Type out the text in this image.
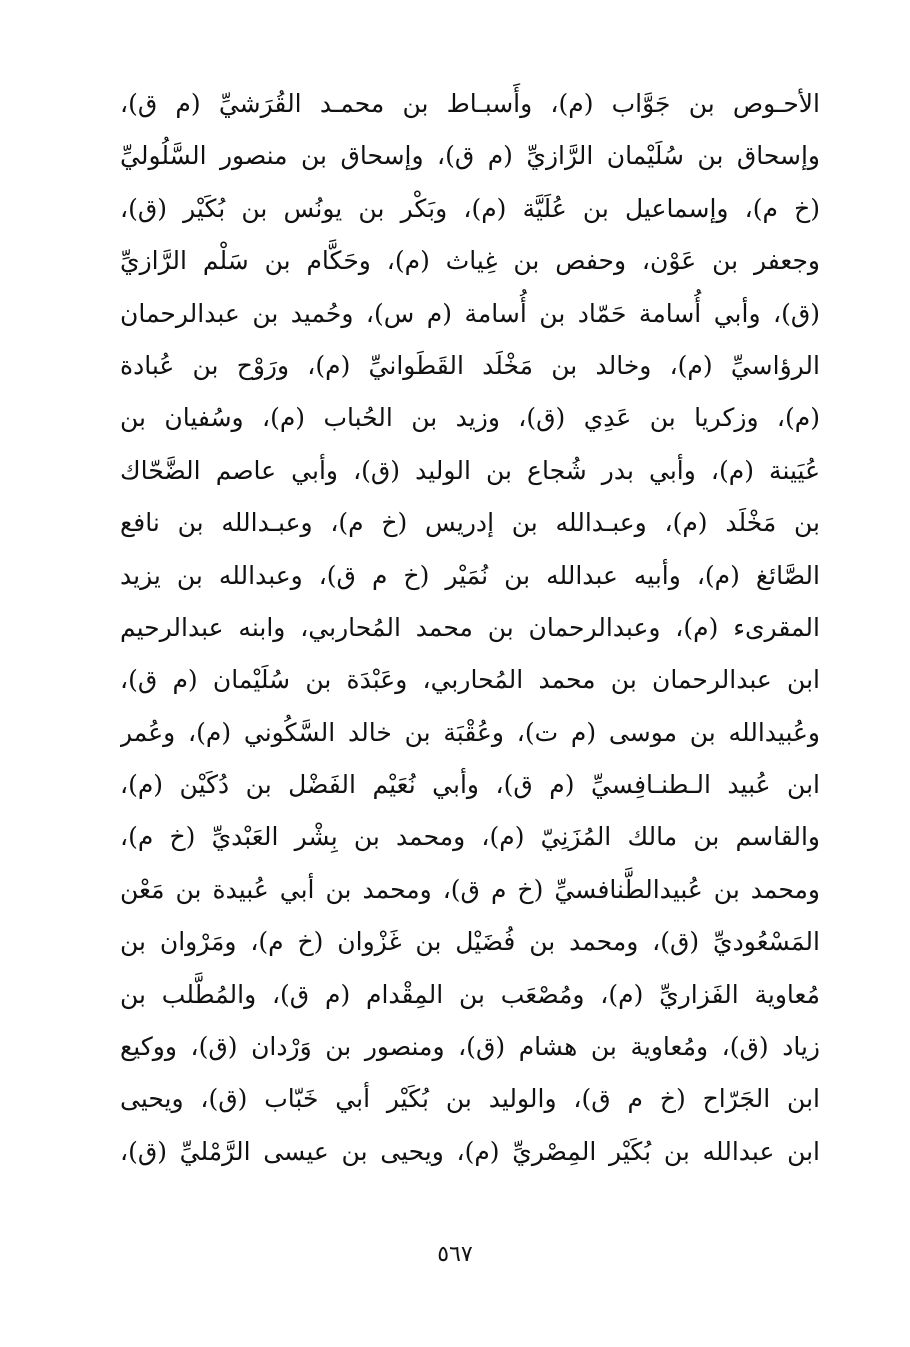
الأحـوص بن جَوَّاب (م)، وأَسبـاط بن محمـد القُرَشيِّ (م ق)،
وإسحاق بن سُلَيْمان الرَّازيِّ (م ق)، وإسحاق بن منصور السَّلُوليِّ
(خ م)، وإسماعيل بن عُلَيَّة (م)، وبَكْر بن يونُس بن بُكَيْر (ق)،
وجعفر بن عَوْن، وحفص بن غِياث (م)، وحَكَّام بن سَلْم الرَّازيِّ
(ق)، وأبي أُسامة حَمّاد بن أُسامة (م س)، وحُميد بن عبدالرحمان
الرؤاسيِّ (م)، وخالد بن مَخْلَد القَطَوانيِّ (م)، ورَوْح بن عُبادة
(م)، وزكريا بن عَدِي (ق)، وزيد بن الحُباب (م)، وسُفيان بن
عُيَينة (م)، وأبي بدر شُجاع بن الوليد (ق)، وأبي عاصم الضَّحّاك
بن مَخْلَد (م)، وعبـدالله بن إدريس (خ م)، وعبـدالله بن نافع
الصَّائغ (م)، وأبيه عبدالله بن نُمَيْر (خ م ق)، وعبدالله بن يزيد
المقرىء (م)، وعبدالرحمان بن محمد المُحاربي، وابنه عبدالرحيم
ابن عبدالرحمان بن محمد المُحاربي، وعَبْدَة بن سُلَيْمان (م ق)،
وعُبيدالله بن موسى (م ت)، وعُقْبَة بن خالد السَّكُوني (م)، وعُمر
ابن عُبيد الـطنـافِسيِّ (م ق)، وأبي نُعَيْم الفَضْل بن دُكَيْن (م)،
والقاسم بن مالك المُزَنِيّ (م)، ومحمد بن بِشْر العَبْديِّ (خ م)،
ومحمد بن عُبيدالطَّنافسيِّ (خ م ق)، ومحمد بن أبي عُبيدة بن مَعْن
المَسْعُوديِّ (ق)، ومحمد بن فُضَيْل بن غَزْوان (خ م)، ومَرْوان بن
مُعاوية الفَزاريِّ (م)، ومُصْعَب بن المِقْدام (م ق)، والمُطَّلب بن
زياد (ق)، ومُعاوية بن هشام (ق)، ومنصور بن وَرْدان (ق)، ووكيع
ابن الجَرّاح (خ م ق)، والوليد بن بُكَيْر أبي خَبّاب (ق)، ويحيى
ابن عبدالله بن بُكَيْر المِصْريِّ (م)، ويحيى بن عيسى الرَّمْليِّ (ق)،
٥٦٧
